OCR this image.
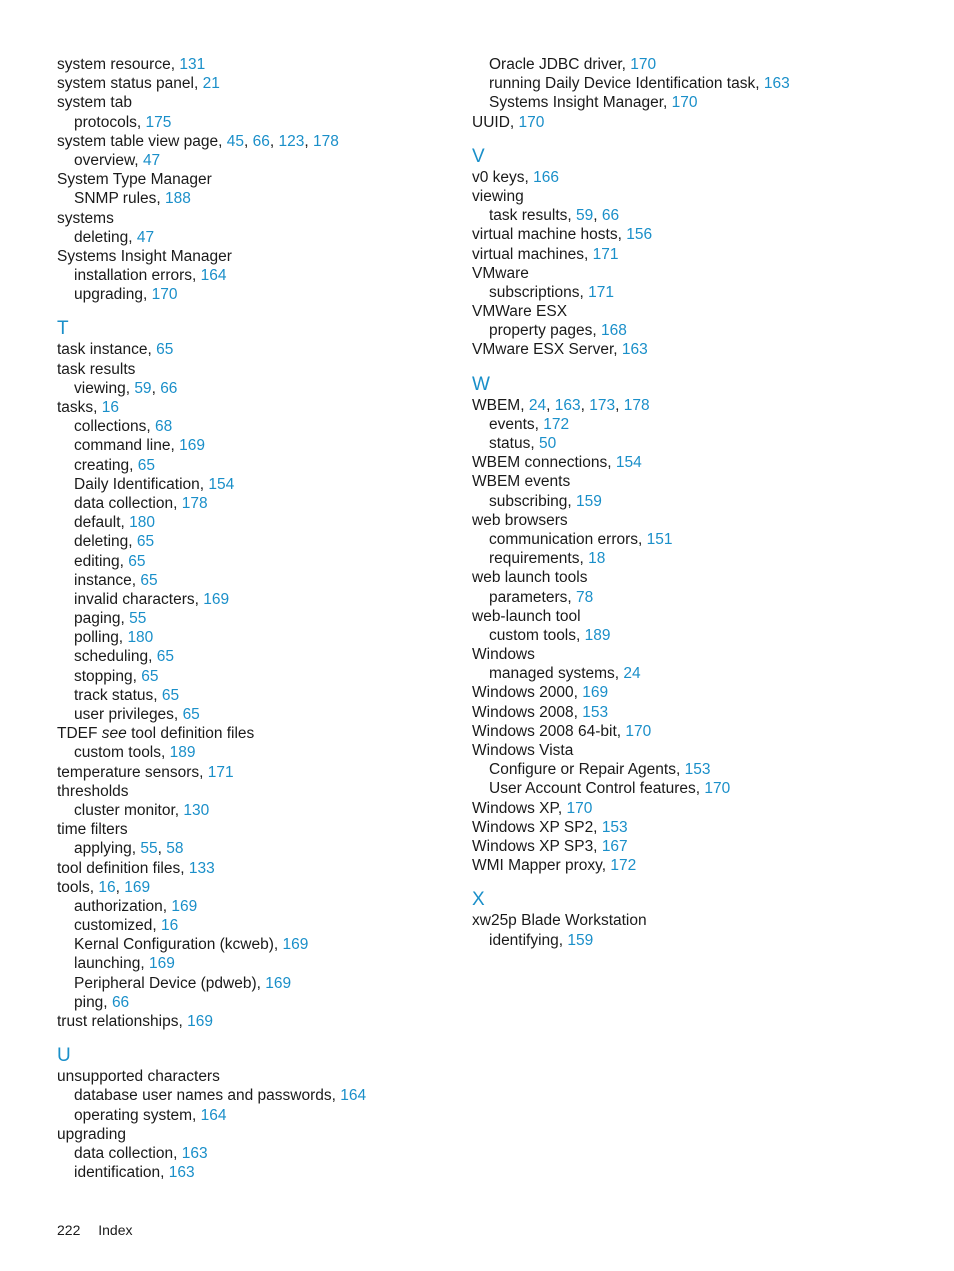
system resource, 131
system status panel, 21
system tab
protocols, 175
system table view page, 45, 66, 123, 178
overview, 47
System Type Manager
SNMP rules, 188
systems
deleting, 47
Systems Insight Manager
installation errors, 164
upgrading, 170
T
task instance, 65
task results
viewing, 59, 66
tasks, 16
collections, 68
command line, 169
creating, 65
Daily Identification, 154
data collection, 178
default, 180
deleting, 65
editing, 65
instance, 65
invalid characters, 169
paging, 55
polling, 180
scheduling, 65
stopping, 65
track status, 65
user privileges, 65
TDEF see tool definition files
custom tools, 189
temperature sensors, 171
thresholds
cluster monitor, 130
time filters
applying, 55, 58
tool definition files, 133
tools, 16, 169
authorization, 169
customized, 16
Kernal Configuration (kcweb), 169
launching, 169
Peripheral Device (pdweb), 169
ping, 66
trust relationships, 169
U
unsupported characters
database user names and passwords, 164
operating system, 164
upgrading
data collection, 163
identification, 163
Oracle JDBC driver, 170
running Daily Device Identification task, 163
Systems Insight Manager, 170
UUID, 170
V
v0 keys, 166
viewing
task results, 59, 66
virtual machine hosts, 156
virtual machines, 171
VMware
subscriptions, 171
VMWare ESX
property pages, 168
VMware ESX Server, 163
W
WBEM, 24, 163, 173, 178
events, 172
status, 50
WBEM connections, 154
WBEM events
subscribing, 159
web browsers
communication errors, 151
requirements, 18
web launch tools
parameters, 78
web-launch tool
custom tools, 189
Windows
managed systems, 24
Windows 2000, 169
Windows 2008, 153
Windows 2008 64-bit, 170
Windows Vista
Configure or Repair Agents, 153
User Account Control features, 170
Windows XP, 170
Windows XP SP2, 153
Windows XP SP3, 167
WMI Mapper proxy, 172
X
xw25p Blade Workstation
identifying, 159
222 Index
